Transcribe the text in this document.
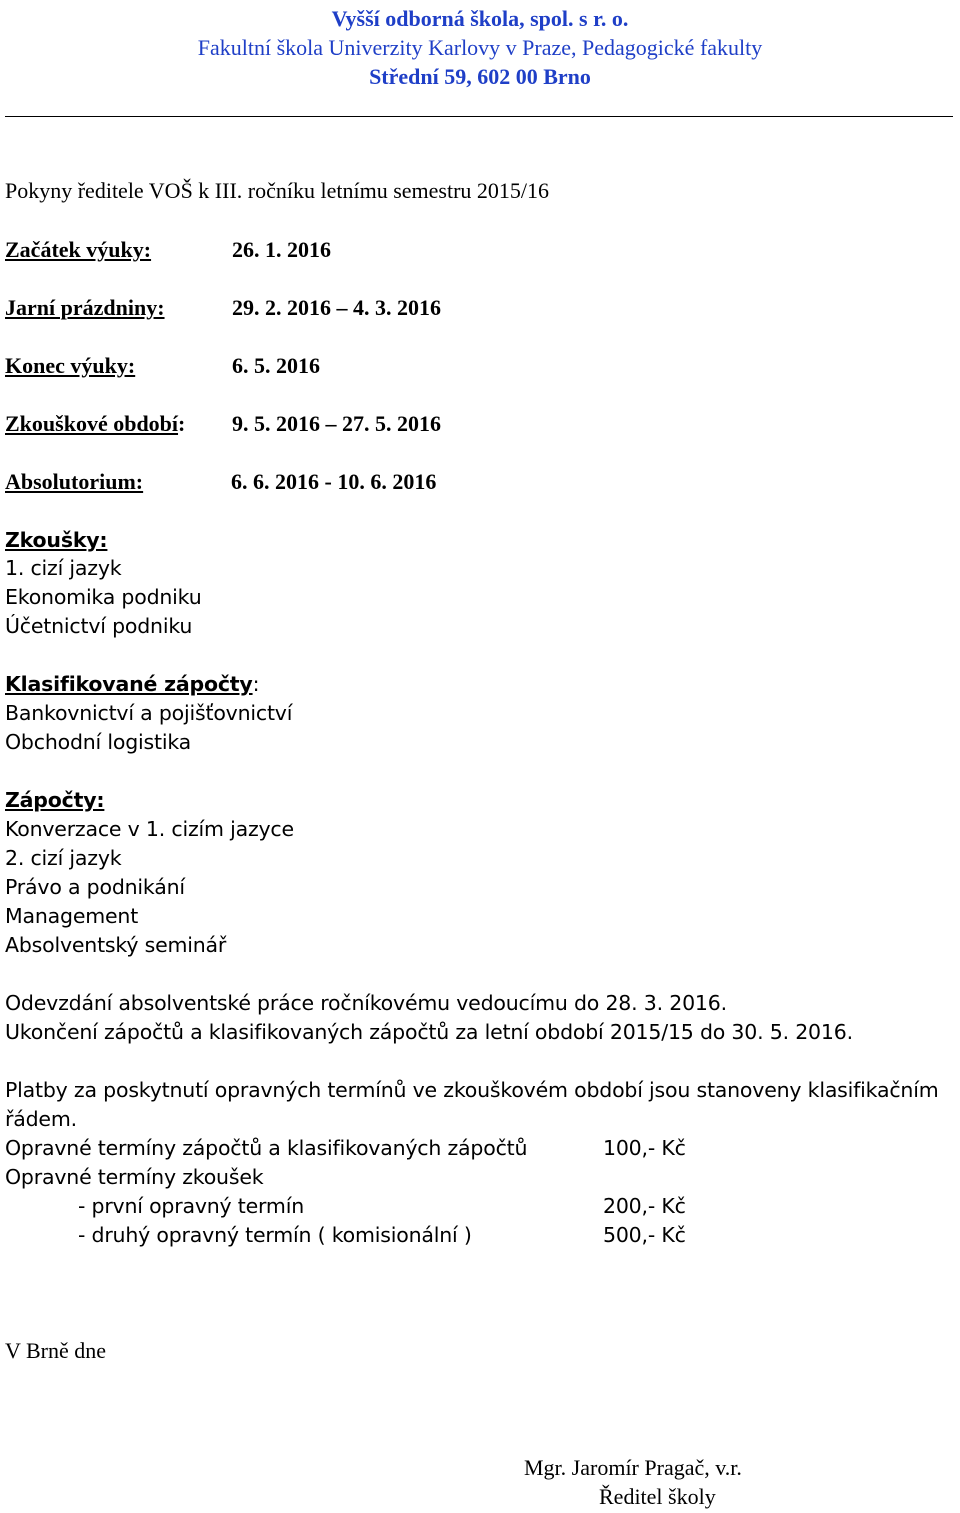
Vyšší odborná škola, spol. s r. o.
Fakultní škola Univerzity Karlovy v Praze, Pedagogické fakulty
Střední 59, 602 00 Brno
Pokyny ředitele VOŠ k III. ročníku letnímu semestru 2015/16
Začátek výuky:	26. 1. 2016
Jarní prázdniny:	29. 2. 2016 – 4. 3. 2016
Konec výuky:	6. 5. 2016
Zkouškové období: 9. 5. 2016 – 27. 5. 2016
Absolutorium:	6. 6. 2016 - 10. 6. 2016
Zkoušky:
1. cizí jazyk
Ekonomika podniku
Účetnictví podniku
Klasifikované zápočty:
Bankovnictví a pojišťovnictví
Obchodní logistika
Zápočty:
Konverzace v 1. cizím jazyce
2. cizí jazyk
Právo a podnikání
Management
Absolventský seminář
Odevzdání absolventské práce ročníkovému vedoucímu do 28. 3. 2016.
Ukončení zápočtů a klasifikovaných zápočtů za letní období 2015/15 do 30. 5. 2016.
Platby za poskytnutí opravných termínů ve zkouškovém období jsou stanoveny klasifikačním
řádem.
Opravné termíny zápočtů a klasifikovaných zápočtů	100,- Kč
Opravné termíny zkoušek
- první opravný termín	200,- Kč
- druhý opravný termín ( komisionální )	500,- Kč
V Brně dne
Mgr. Jaromír Pragač, v.r.
Ředitel školy
